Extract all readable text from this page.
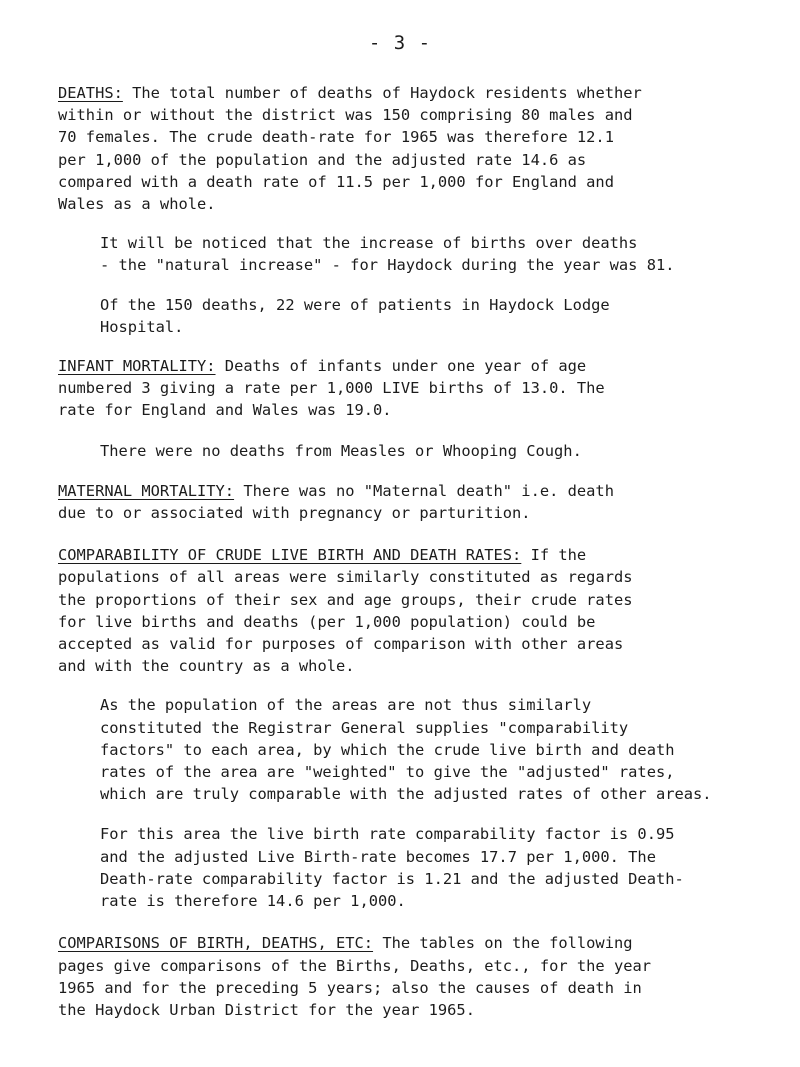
- 3 -

DEATHS: The total number of deaths of Haydock residents whether
within or without the district was 150 comprising 80 males and
70 females. The crude death-rate for 1965 was therefore 12.1
per 1,000 of the population and the adjusted rate 14.6 as
compared with a death rate of 11.5 per 1,000 for England and
Wales as a whole.

It will be noticed that the increase of births over deaths
- the "natural increase" - for Haydock during the year was 81.

Of the 150 deaths, 22 were of patients in Haydock Lodge
Hospital.

INFANT MORTALITY: Deaths of infants under one year of age
numbered 3 giving a rate per 1,000 LIVE births of 13.0. The
rate for England and Wales was 19.0.

There were no deaths from Measles or Whooping Cough.

MATERNAL MORTALITY: There was no "Maternal death" i.e. death
due to or associated with pregnancy or parturition.

COMPARABILITY OF CRUDE LIVE BIRTH AND DEATH RATES: If the
populations of all areas were similarly constituted as regards
the proportions of their sex and age groups, their crude rates
for live births and deaths (per 1,000 population) could be
accepted as valid for purposes of comparison with other areas
and with the country as a whole.

As the population of the areas are not thus similarly
constituted the Registrar General supplies "comparability
factors" to each area, by which the crude live birth and death
rates of the area are "weighted" to give the "adjusted" rates,
which are truly comparable with the adjusted rates of other areas.

For this area the live birth rate comparability factor is 0.95
and the adjusted Live Birth-rate becomes 17.7 per 1,000. The
Death-rate comparability factor is 1.21 and the adjusted Death-
rate is therefore 14.6 per 1,000.

COMPARISONS OF BIRTH, DEATHS, ETC: The tables on the following
pages give comparisons of the Births, Deaths, etc., for the year
1965 and for the preceding 5 years; also the causes of death in
the Haydock Urban District for the year 1965.
